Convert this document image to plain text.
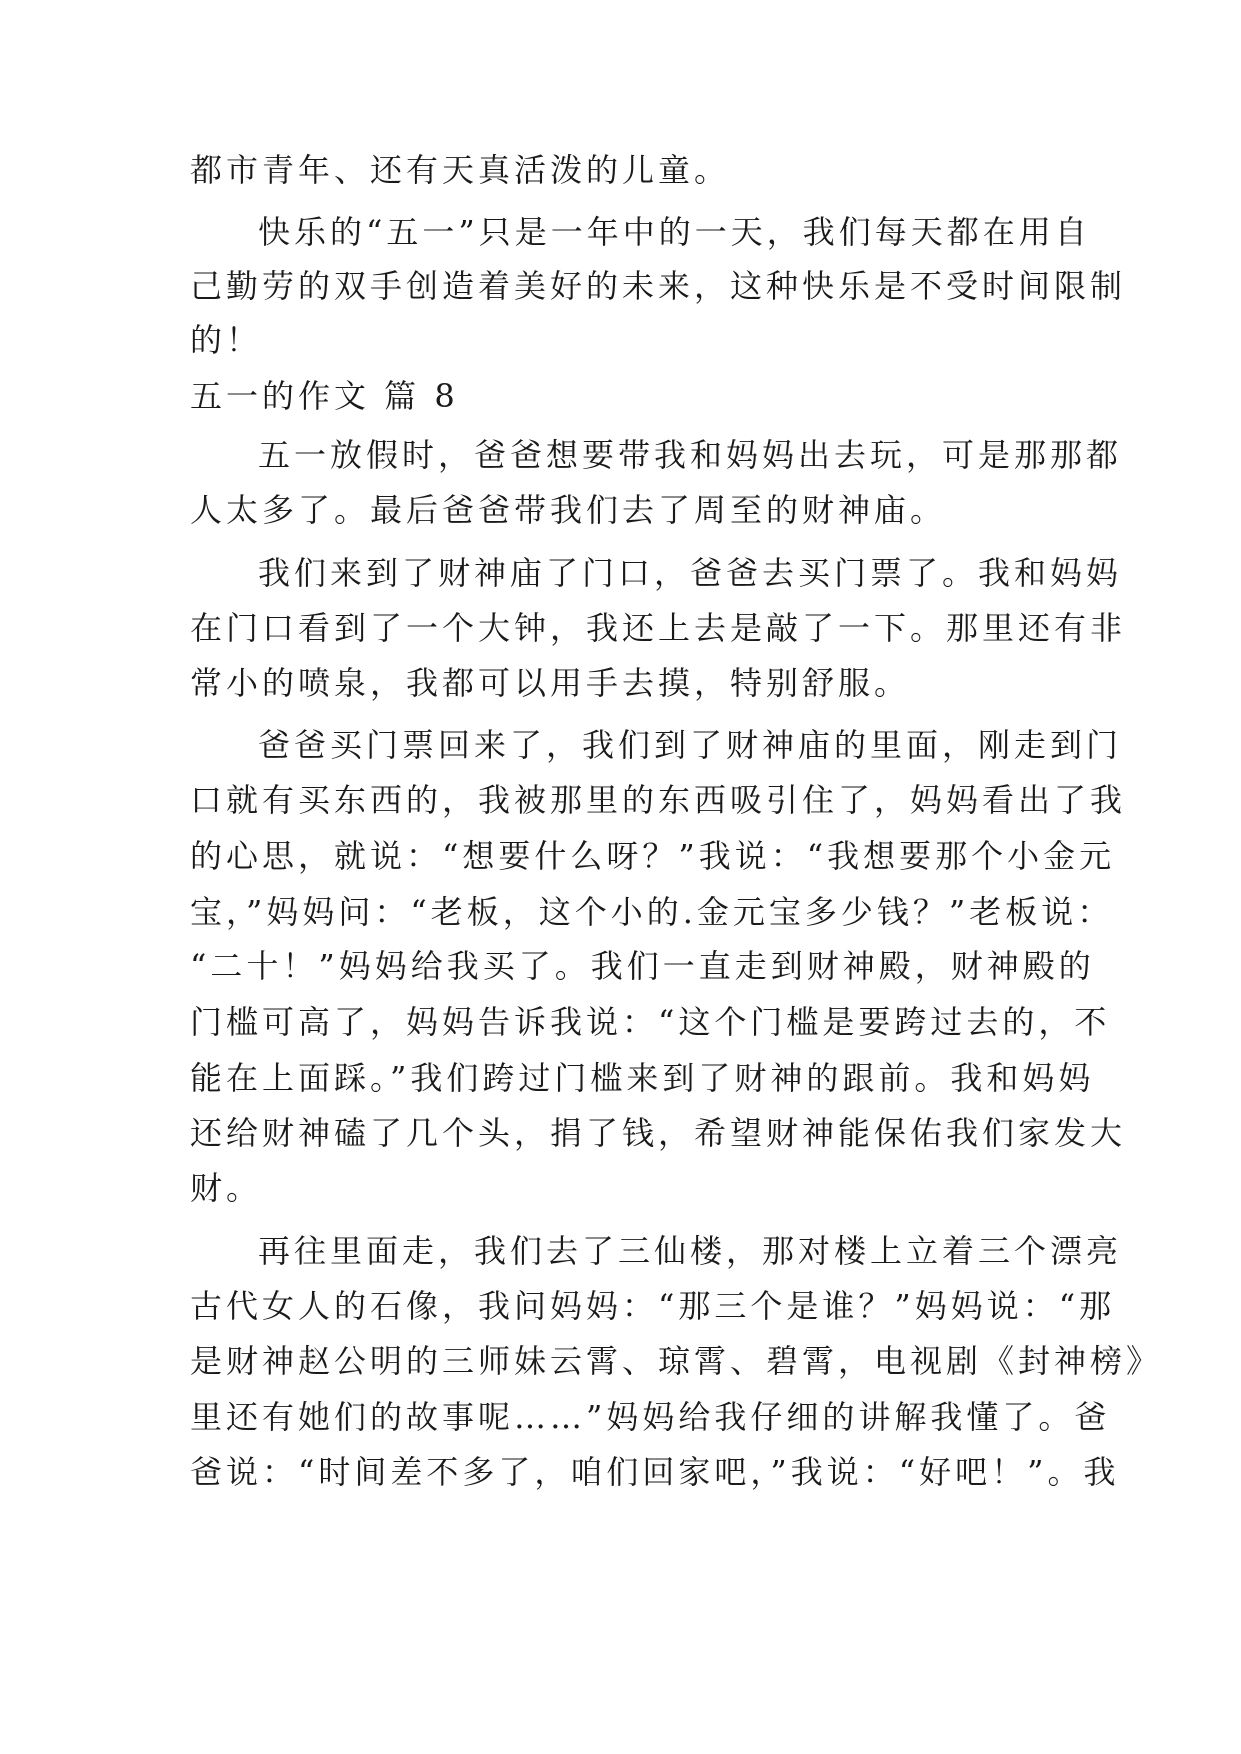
都市青年、还有天真活泼的儿童。
快乐的“五一”只是一年中的一天，我们每天都在用自
己勤劳的双手创造着美好的未来，这种快乐是不受时间限制
的！
五一的作文 篇 8
五一放假时，爸爸想要带我和妈妈出去玩，可是那那都
人太多了。最后爸爸带我们去了周至的财神庙。
我们来到了财神庙了门口，爸爸去买门票了。我和妈妈
在门口看到了一个大钟，我还上去是敲了一下。那里还有非
常小的喷泉，我都可以用手去摸，特别舒服。
爸爸买门票回来了，我们到了财神庙的里面，刚走到门
口就有买东西的，我被那里的东西吸引住了，妈妈看出了我
的心思，就说：“想要什么呀？”我说：“我想要那个小金元
宝，”妈妈问：“老板，这个小的.金元宝多少钱？”老板说：
“二十！”妈妈给我买了。我们一直走到财神殿，财神殿的
门槛可高了，妈妈告诉我说：“这个门槛是要跨过去的，不
能在上面踩。”我们跨过门槛来到了财神的跟前。我和妈妈
还给财神磕了几个头，捐了钱，希望财神能保佑我们家发大
财。
再往里面走，我们去了三仙楼，那对楼上立着三个漂亮
古代女人的石像，我问妈妈：“那三个是谁？”妈妈说：“那
是财神赵公明的三师妹云霄、琼霄、碧霄，电视剧《封神榜》
里还有她们的故事呢……”妈妈给我仔细的讲解我懂了。爸
爸说：“时间差不多了，咱们回家吧，”我说：“好吧！”。我
